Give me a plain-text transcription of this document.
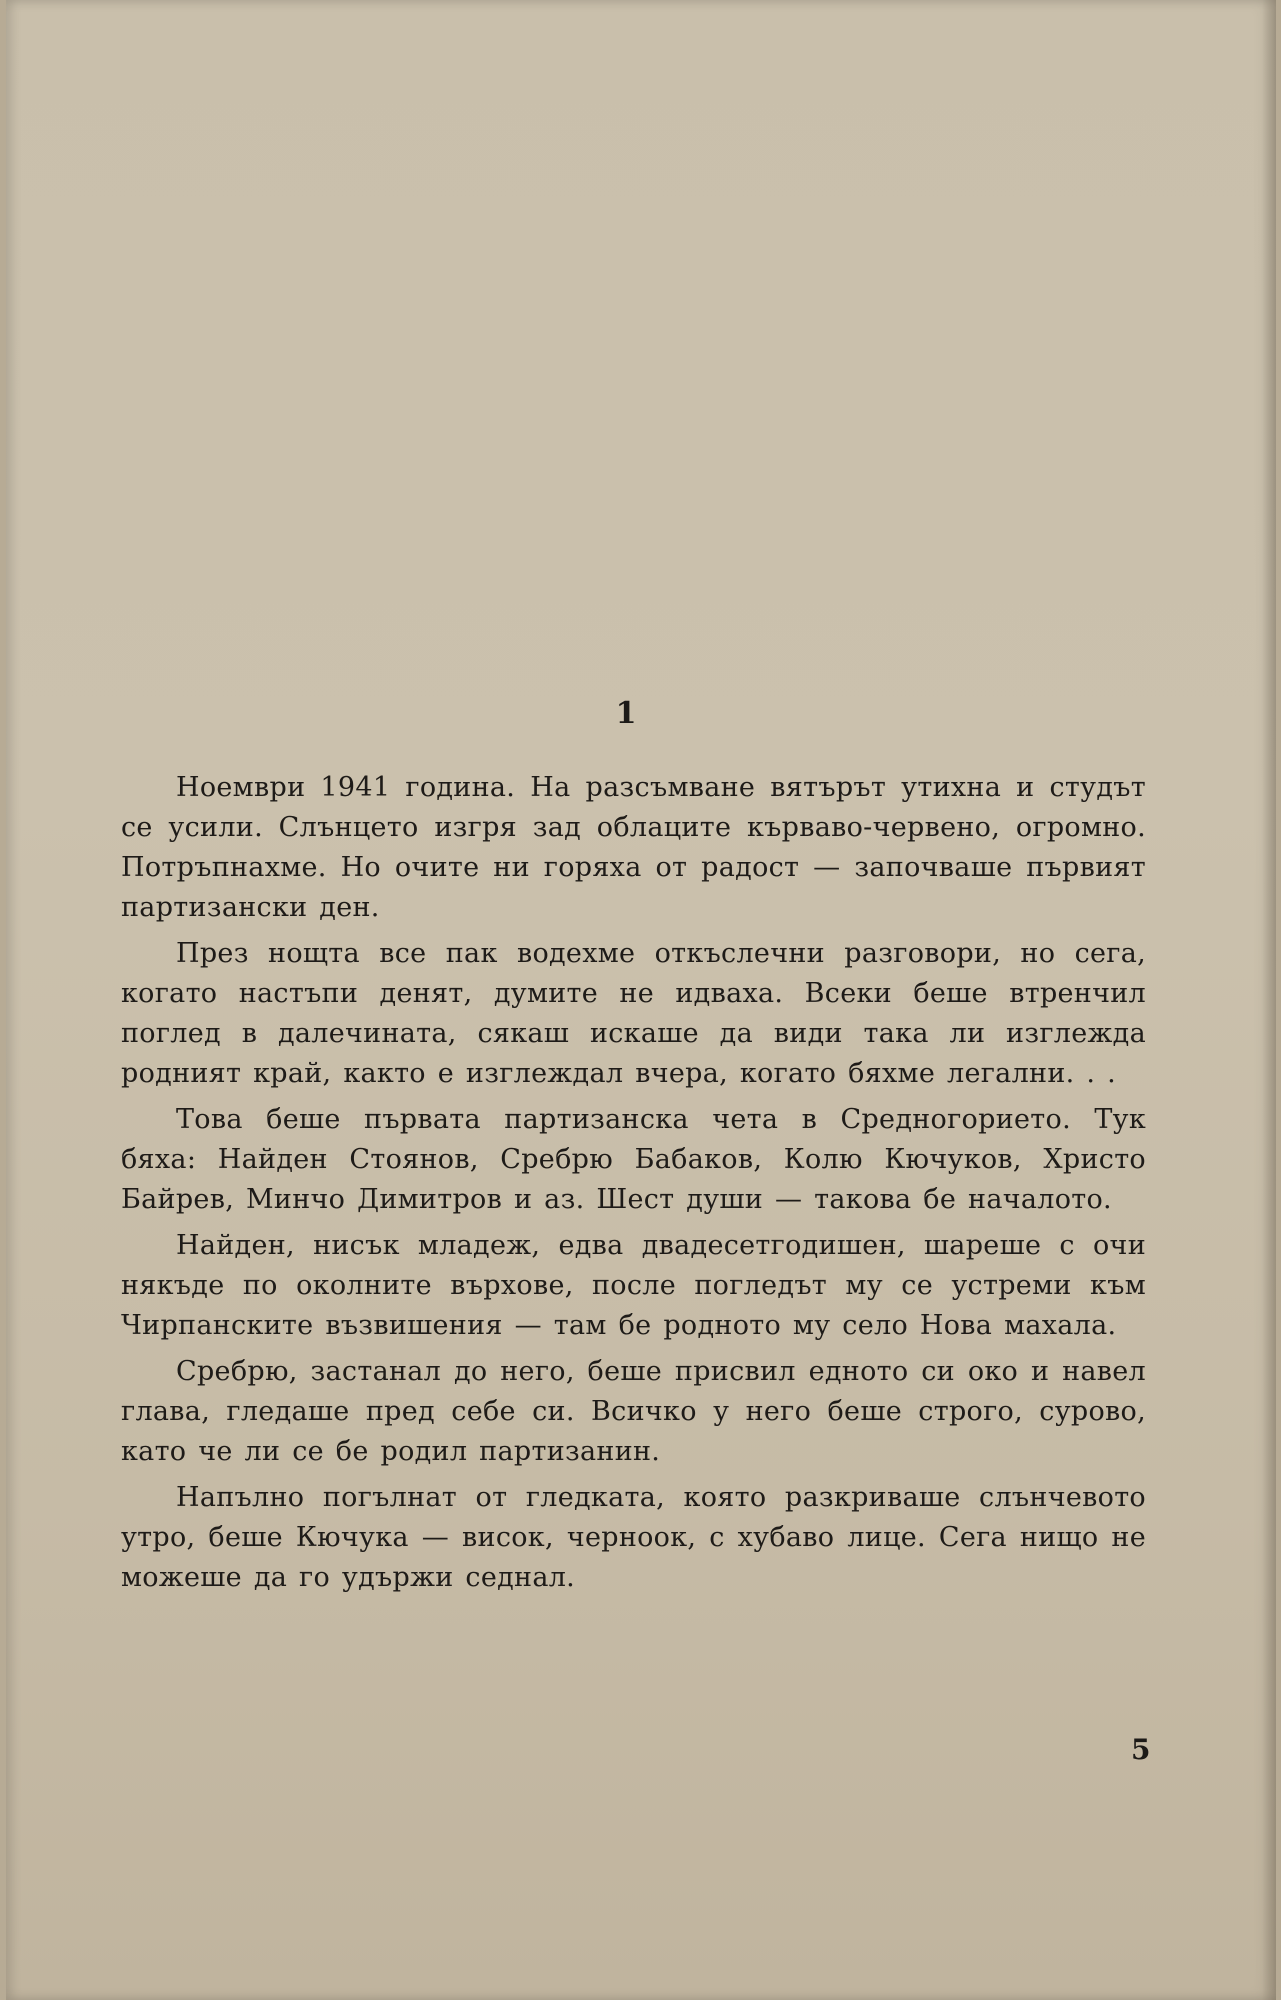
1

Ноември 1941 година. На разсъмване вятърът утихна и студът се усили. Слънцето изгря зад облаците кърваво-червено, огромно. Потръпнахме. Но очите ни горяха от радост — започваше първият партизански ден.

През нощта все пак водехме откъслечни разговори, но сега, когато настъпи денят, думите не идваха. Всеки беше втренчил поглед в далечината, сякаш искаше да види така ли изглежда родният край, както е изглеждал вчера, когато бяхме легални. . .

Това беше първата партизанска чета в Средногорието. Тук бяха: Найден Стоянов, Сребрю Бабаков, Колю Кючуков, Христо Байрев, Минчо Димитров и аз. Шест души — такова бе началото.

Найден, нисък младеж, едва двадесетгодишен, шареше с очи някъде по околните върхове, после погледът му се устреми към Чирпанските възвишения — там бе родното му село Нова махала.

Сребрю, застанал до него, беше присвил едното си око и навел глава, гледаше пред себе си. Всичко у него беше строго, сурово, като че ли се бе родил партизанин.

Напълно погълнат от гледката, която разкриваше слънчевото утро, беше Кючука — висок, черноок, с хубаво лице. Сега нищо не можеше да го удържи седнал.

5
